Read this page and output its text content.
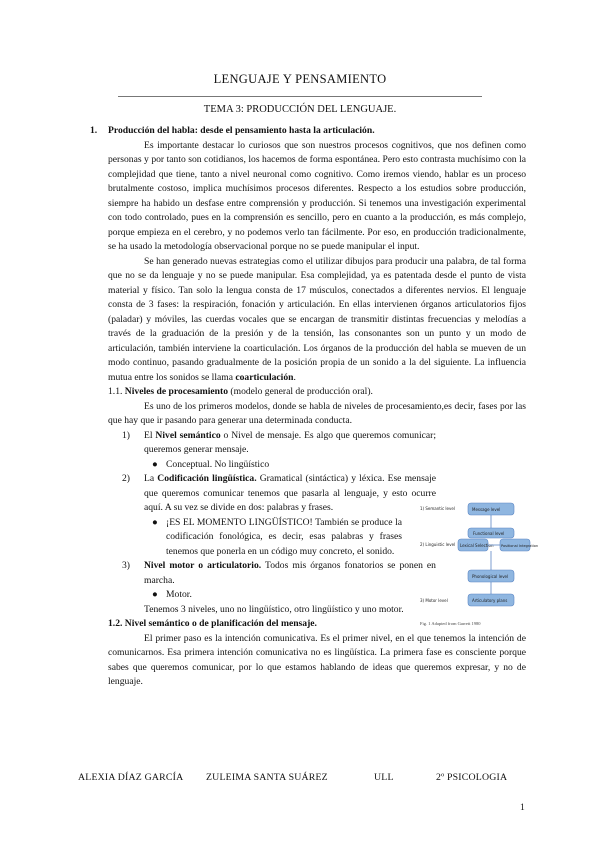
LENGUAJE Y PENSAMIENTO
TEMA 3: PRODUCCIÓN DEL LENGUAJE.

1. Producción del habla: desde el pensamiento hasta la articulación.

Es importante destacar lo curiosos que son nuestros procesos cognitivos, que nos definen como personas y por tanto son cotidianos, los hacemos de forma espontánea. Pero esto contrasta muchísimo con la complejidad que tiene, tanto a nivel neuronal como cognitivo. Como iremos viendo, hablar es un proceso brutalmente costoso, implica muchísimos procesos diferentes. Respecto a los estudios sobre producción, siempre ha habido un desfase entre comprensión y producción. Si tenemos una investigación experimental con todo controlado, pues en la comprensión es sencillo, pero en cuanto a la producción, es más complejo, porque empieza en el cerebro, y no podemos verlo tan fácilmente. Por eso, en producción tradicionalmente, se ha usado la metodología observacional porque no se puede manipular el input.

Se han generado nuevas estrategias como el utilizar dibujos para producir una palabra, de tal forma que no se da lenguaje y no se puede manipular. Esa complejidad, ya es patentada desde el punto de vista material y físico. Tan solo la lengua consta de 17 músculos, conectados a diferentes nervios. El lenguaje consta de 3 fases: la respiración, fonación y articulación. En ellas intervienen órganos articulatorios fijos (paladar) y móviles, las cuerdas vocales que se encargan de transmitir distintas frecuencias y melodías a través de la graduación de la presión y de la tensión, las consonantes son un punto y un modo de articulación, también interviene la coarticulación. Los órganos de la producción del habla se mueven de un modo continuo, pasando gradualmente de la posición propia de un sonido a la del siguiente. La influencia mutua entre los sonidos se llama coarticulación.

1.1. Niveles de procesamiento (modelo general de producción oral).

Es uno de los primeros modelos, donde se habla de niveles de procesamiento,es decir, fases por las que hay que ir pasando para generar una determinada conducta.

1) El Nivel semántico o Nivel de mensaje. Es algo que queremos comunicar; queremos generar mensaje.
● Conceptual. No lingüístico
2) La Codificación lingüística. Gramatical (sintáctica) y léxica. Ese mensaje que queremos comunicar tenemos que pasarla al lenguaje, y esto ocurre aquí. A su vez se divide en dos: palabras y frases.
● ¡ES EL MOMENTO LINGÜÍSTICO! También se produce la codificación fonológica, es decir, esas palabras y frases tenemos que ponerla en un código muy concreto, el sonido.
3) Nivel motor o articulatorio. Todos mis órganos fonatorios se ponen en marcha.
● Motor.

Tenemos 3 niveles, uno no lingüístico, otro lingüístico y uno motor.

1.2. Nivel semántico o de planificación del mensaje.

El primer paso es la intención comunicativa. Es el primer nivel, en el que tenemos la intención de comunicarnos. Esa primera intención comunicativa no es lingüística. La primera fase es consciente porque sabes que queremos comunicar, por lo que estamos hablando de ideas que queremos expresar, y no de lenguaje.

1) Semantic level	Message level
Functional level
2) Linguistic level Lexical Selection Positional Integration
Phonological level
3) Motor level	Articulatory plans
Fig. 1 Adapted from Garrett 1980
ALEXIA DÍAZ GARCÍA	ZULEIMA SANTA SUÁREZ	ULL	2º PSICOLOGIA
1
